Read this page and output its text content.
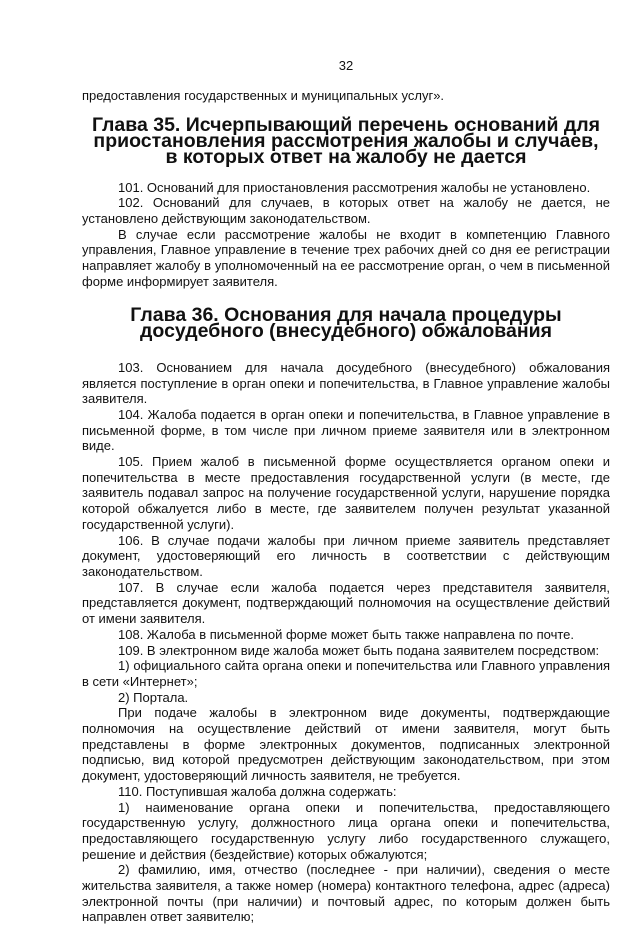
32

предоставления государственных и муниципальных услуг».

Глава 35. Исчерпывающий перечень оснований для приостановления рассмотрения жалобы и случаев, в которых ответ на жалобу не дается

101. Оснований для приостановления рассмотрения жалобы не установлено.

102. Оснований для случаев, в которых ответ на жалобу не дается, не установлено действующим законодательством.

В случае если рассмотрение жалобы не входит в компетенцию Главного управления, Главное управление в течение трех рабочих дней со дня ее регистрации направляет жалобу в уполномоченный на ее рассмотрение орган, о чем в письменной форме информирует заявителя.

Глава 36. Основания для начала процедуры досудебного (внесудебного) обжалования

103. Основанием для начала досудебного (внесудебного) обжалования является поступление в орган опеки и попечительства, в Главное управление жалобы заявителя.

104. Жалоба подается в орган опеки и попечительства, в Главное управление в письменной форме, в том числе при личном приеме заявителя или в электронном виде.

105. Прием жалоб в письменной форме осуществляется органом опеки и попечительства в месте предоставления государственной услуги (в месте, где заявитель подавал запрос на получение государственной услуги, нарушение порядка которой обжалуется либо в месте, где заявителем получен результат указанной государственной услуги).

106. В случае подачи жалобы при личном приеме заявитель представляет документ, удостоверяющий его личность в соответствии с действующим законодательством.

107. В случае если жалоба подается через представителя заявителя, представляется документ, подтверждающий полномочия на осуществление действий от имени заявителя.

108. Жалоба в письменной форме может быть также направлена по почте.

109. В электронном виде жалоба может быть подана заявителем посредством:

1) официального сайта органа опеки и попечительства или Главного управления в сети «Интернет»;

2) Портала.

При подаче жалобы в электронном виде документы, подтверждающие полномочия на осуществление действий от имени заявителя, могут быть представлены в форме электронных документов, подписанных электронной подписью, вид которой предусмотрен действующим законодательством, при этом документ, удостоверяющий личность заявителя, не требуется.

110. Поступившая жалоба должна содержать:

1) наименование органа опеки и попечительства, предоставляющего государственную услугу, должностного лица органа опеки и попечительства, предоставляющего государственную услугу либо государственного служащего, решение и действия (бездействие) которых обжалуются;

2) фамилию, имя, отчество (последнее - при наличии), сведения о месте жительства заявителя, а также номер (номера) контактного телефона, адрес (адреса) электронной почты (при наличии) и почтовый адрес, по которым должен быть направлен ответ заявителю;
